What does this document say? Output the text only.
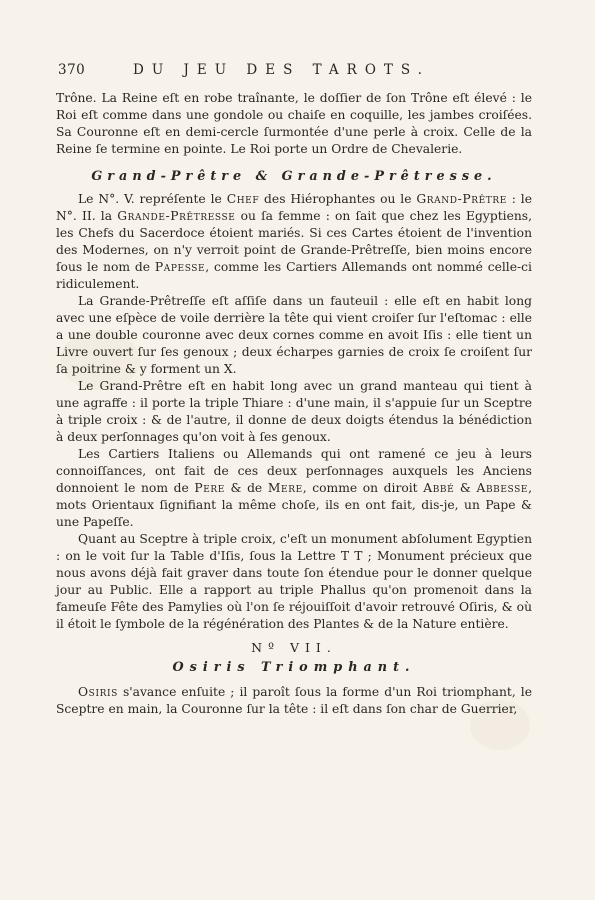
370	DU JEU DES TAROTS.

Trône. La Reine eſt en robe traînante, le doſſier de ſon Trône eſt élevé : le Roi eſt comme dans une gondole ou chaiſe en coquille, les jambes croiſées. Sa Couronne eſt en demi-cercle ſurmontée d'une perle à croix. Celle de la Reine ſe termine en pointe. Le Roi porte un Ordre de Chevalerie.

Grand-Prêtre & Grande-Prêtresse.

Le N°. V. repréſente le Chef des Hiérophantes ou le Grand-Prêtre : le N°. II. la Grande-Prêtresse ou ſa femme : on ſait que chez les Egyptiens, les Chefs du Sacerdoce étoient mariés. Si ces Cartes étoient de l'invention des Modernes, on n'y verroit point de Grande-Prêtreſſe, bien moins encore ſous le nom de Papesse, comme les Cartiers Allemands ont nommé celle-ci ridiculement.

La Grande-Prêtreſſe eſt aſſiſe dans un fauteuil : elle eſt en habit long avec une eſpèce de voile derrière la tête qui vient croiſer ſur l'eſtomac : elle a une double couronne avec deux cornes comme en avoit Iſis : elle tient un Livre ouvert ſur ſes genoux ; deux écharpes garnies de croix ſe croiſent ſur ſa poitrine & y forment un X.

Le Grand-Prêtre eſt en habit long avec un grand manteau qui tient à une agraffe : il porte la triple Thiare : d'une main, il s'appuie ſur un Sceptre à triple croix : & de l'autre, il donne de deux doigts étendus la bénédiction à deux perſonnages qu'on voit à ſes genoux.

Les Cartiers Italiens ou Allemands qui ont ramené ce jeu à leurs connoiſſances, ont fait de ces deux perſonnages auxquels les Anciens donnoient le nom de Pere & de Mere, comme on diroit Abbé & Abbesse, mots Orientaux ſignifiant la même choſe, ils en ont fait, dis-je, un Pape & une Papeſſe.

Quant au Sceptre à triple croix, c'eſt un monument abſolument Egyptien : on le voit ſur la Table d'Iſis, ſous la Lettre T T ; Monument précieux que nous avons déjà fait graver dans toute ſon étendue pour le donner quelque jour au Public. Elle a rapport au triple Phallus qu'on promenoit dans la fameuſe Fête des Pamylies où l'on ſe réjouiſſoit d'avoir retrouvé Oſiris, & où il étoit le ſymbole de la régénération des Plantes & de la Nature entière.

Nº VII.
Osiris Triomphant.

Osiris s'avance enſuite ; il paroît ſous la forme d'un Roi triomphant, le Sceptre en main, la Couronne ſur la tête : il eſt dans ſon char de Guerrier,
